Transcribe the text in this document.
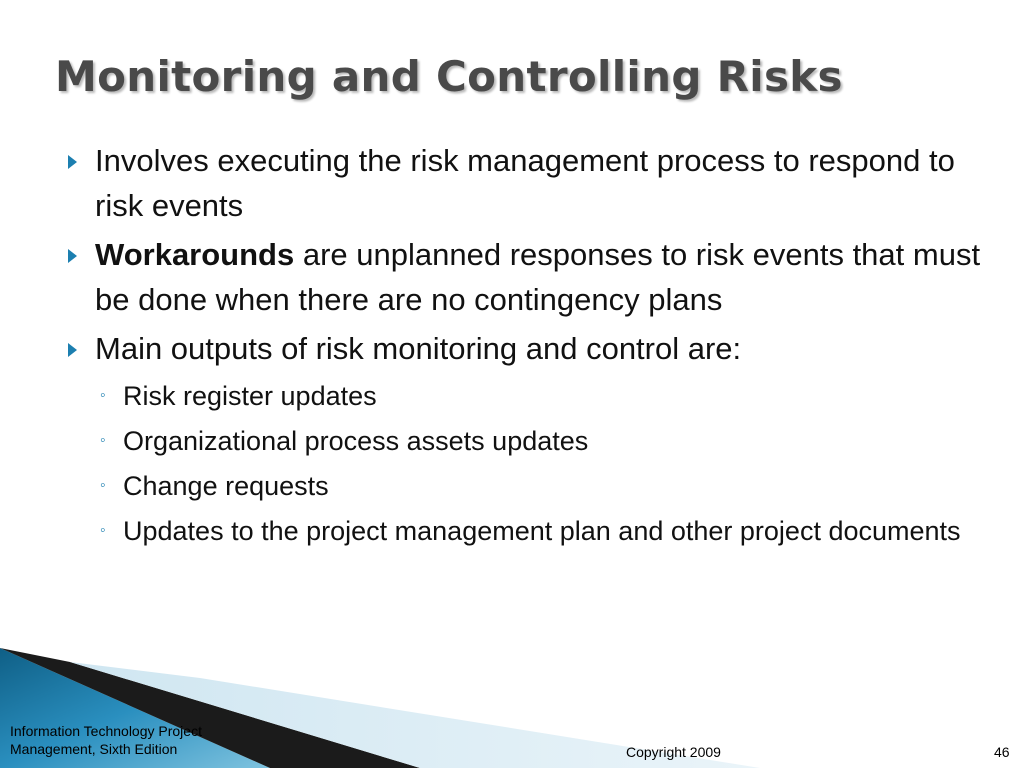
Monitoring and Controlling Risks
Involves executing the risk management process to respond to risk events
Workarounds are unplanned responses to risk events that must be done when there are no contingency plans
Main outputs of risk monitoring and control are:
◦ Risk register updates
◦ Organizational process assets updates
◦ Change requests
◦ Updates to the project management plan and other project documents
Information Technology Project
Management, Sixth Edition	Copyright 2009	46
